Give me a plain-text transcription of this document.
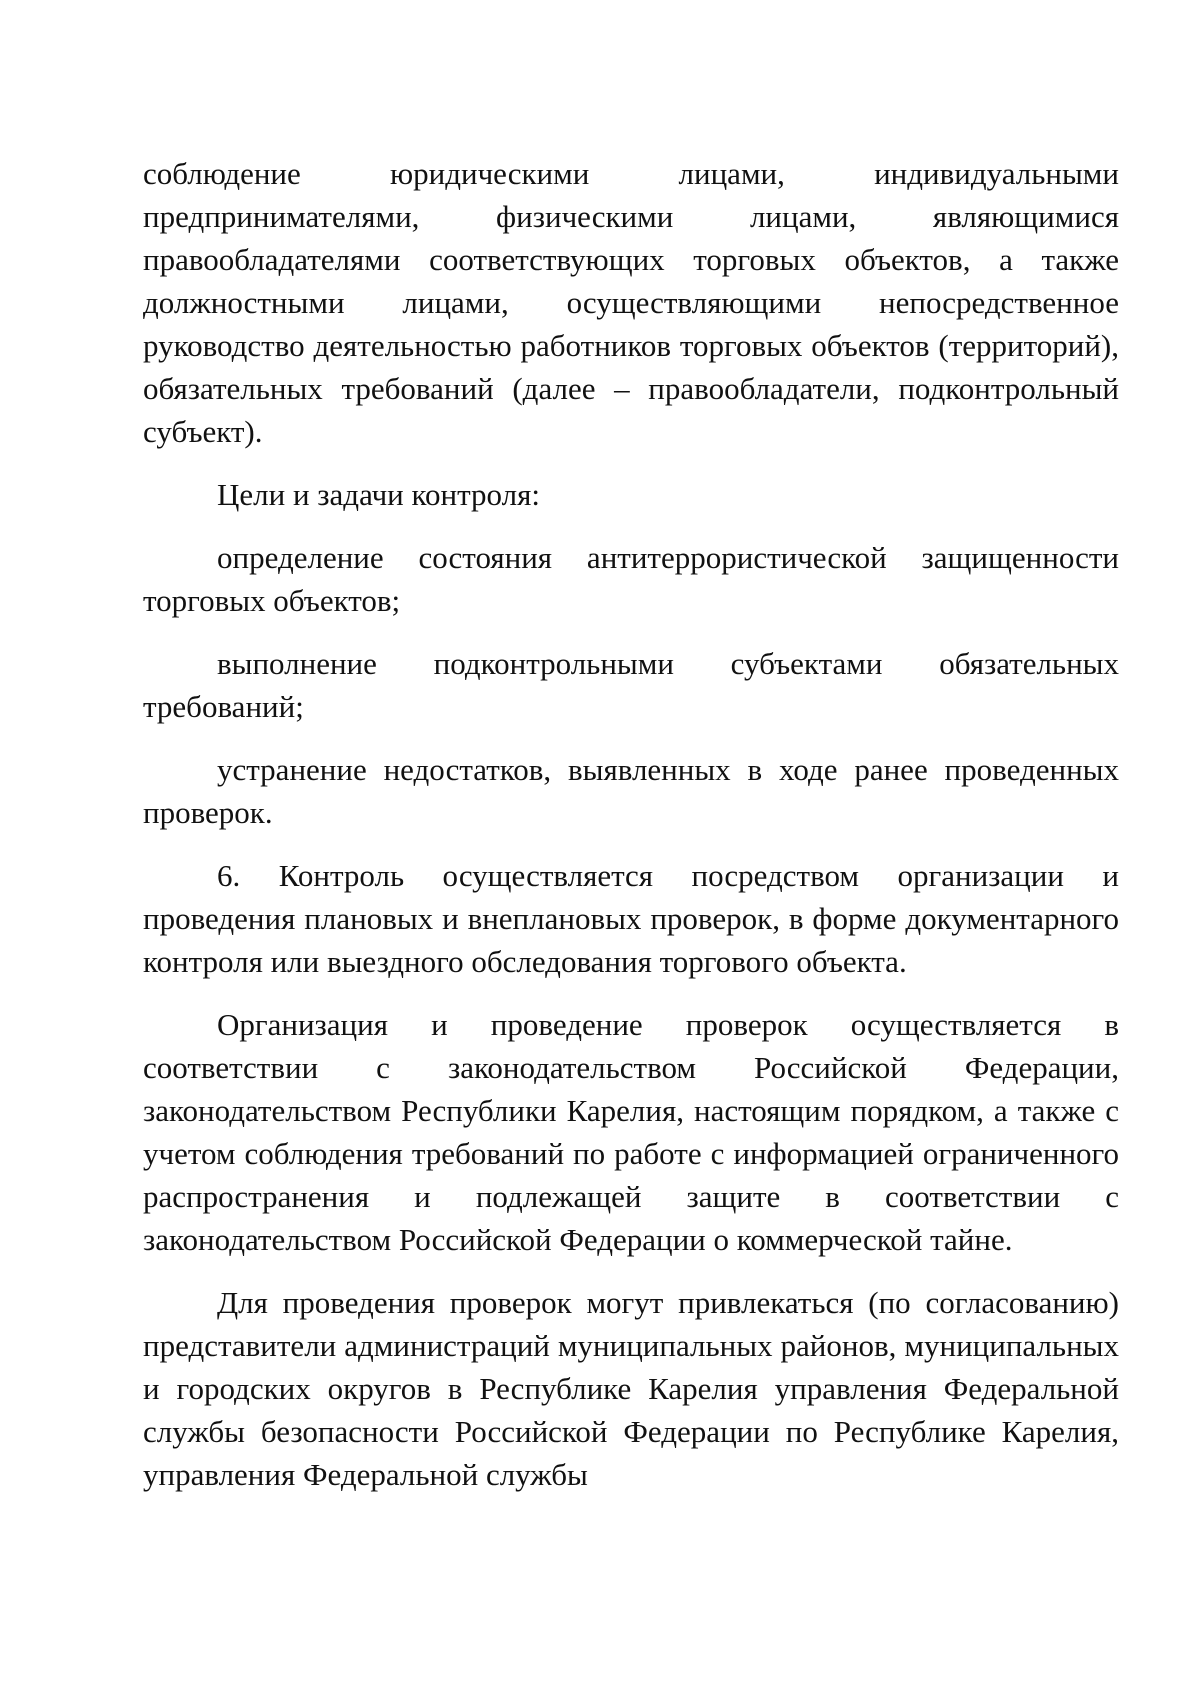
соблюдение юридическими лицами, индивидуальными предпринимателями, физическими лицами, являющимися правообладателями соответствующих торговых объектов, а также должностными лицами, осуществляющими непосредственное руководство деятельностью работников торговых объектов (территорий), обязательных требований (далее – правообладатели, подконтрольный субъект).

Цели и задачи контроля:

определение состояния антитеррористической защищенности торговых объектов;

выполнение подконтрольными субъектами обязательных требований;

устранение недостатков, выявленных в ходе ранее проведенных проверок.

6. Контроль осуществляется посредством организации и проведения плановых и внеплановых проверок, в форме документарного контроля или выездного обследования торгового объекта.

Организация и проведение проверок осуществляется в соответствии с законодательством Российской Федерации, законодательством Республики Карелия, настоящим порядком, а также с учетом соблюдения требований по работе с информацией ограниченного распространения и подлежащей защите в соответствии с законодательством Российской Федерации о коммерческой тайне.

Для проведения проверок могут привлекаться (по согласованию) представители администраций муниципальных районов, муниципальных и городских округов в Республике Карелия управления Федеральной службы безопасности Российской Федерации по Республике Карелия, управления Федеральной службы
